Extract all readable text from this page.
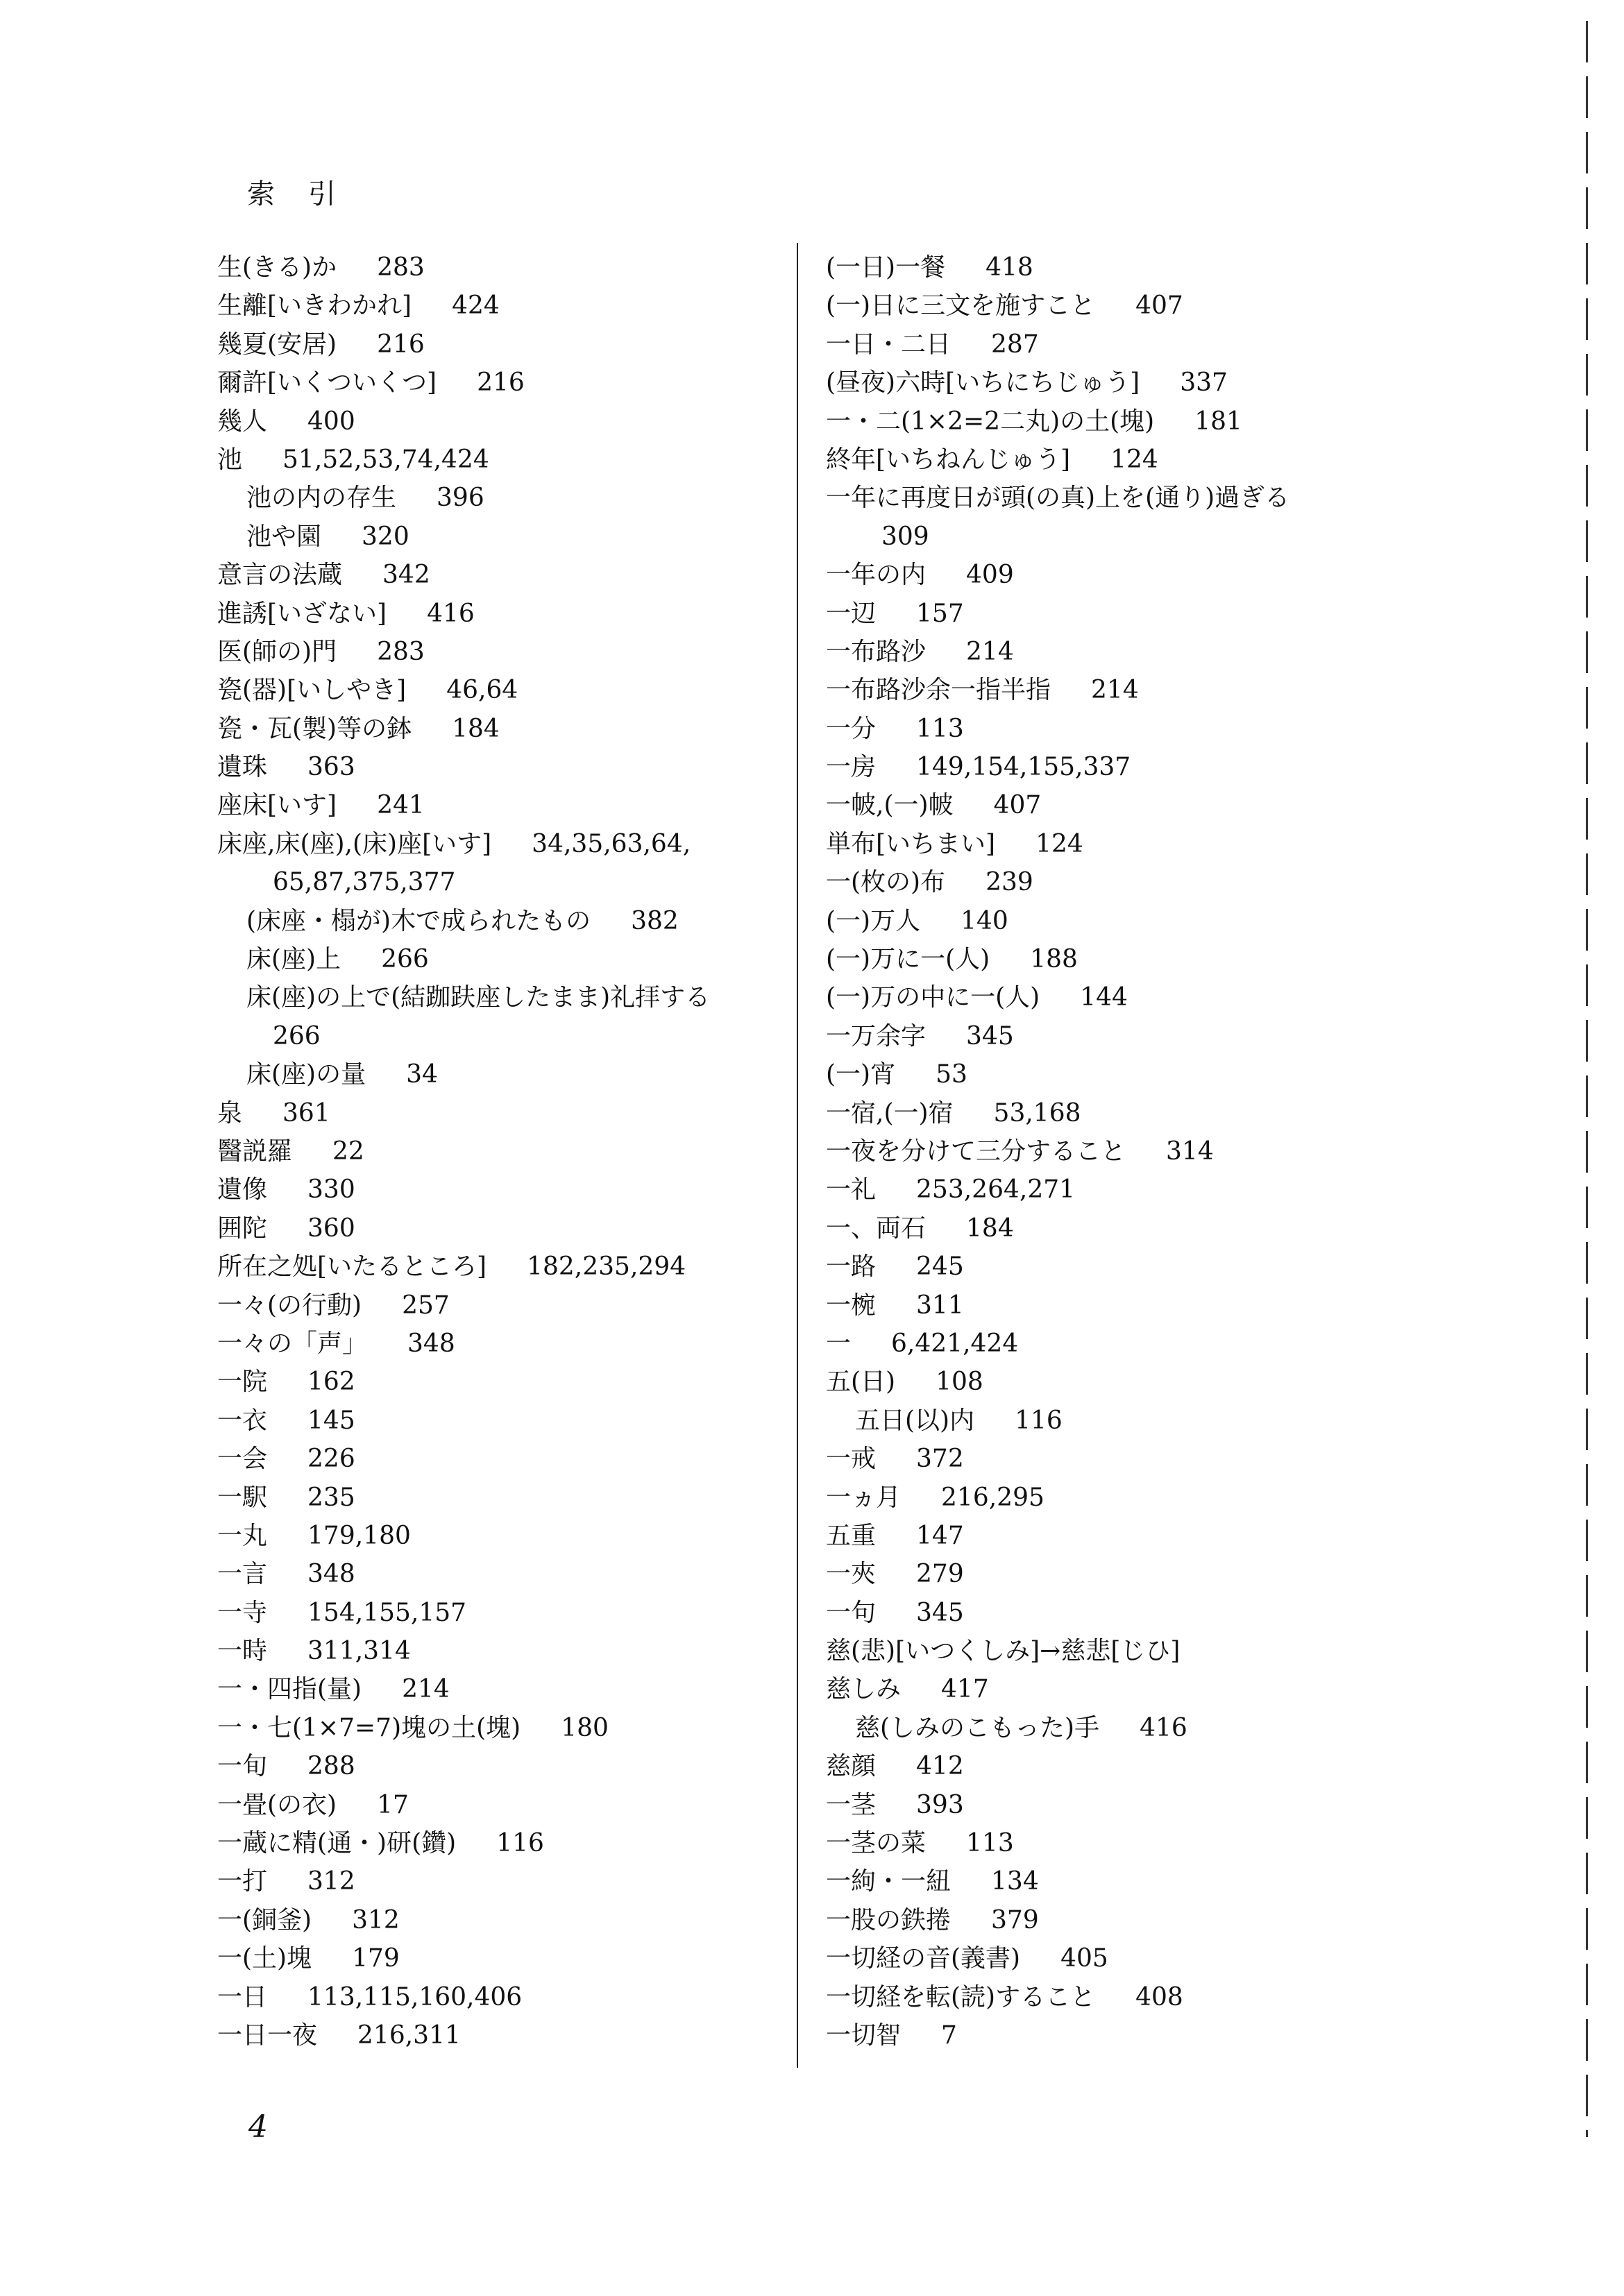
索引
生(きる)か 283
生離[いきわかれ] 424
幾夏(安居) 216
爾許[いくついくつ] 216
幾人 400
池 51,52,53,74,424
池の内の存生 396
池や園 320
意言の法蔵 342
進誘[いざない] 416
医(師の)門 283
瓷(器)[いしやき] 46,64
瓷・瓦(製)等の鉢 184
遺珠 363
座床[いす] 241
床座,床(座),(床)座[いす] 34,35,63,64,
65,87,375,377
(床座・榻が)木で成られたもの 382
床(座)上 266
床(座)の上で(結跏趺座したまま)礼拝する
266
床(座)の量 34
泉 361
醫説羅 22
遺像 330
囲陀 360
所在之処[いたるところ] 182,235,294
一々(の行動) 257
一々の「声」 348
一院 162
一衣 145
一会 226
一駅 235
一丸 179,180
一言 348
一寺 154,155,157
一時 311,314
一・四指(量) 214
一・七(1×7=7)塊の土(塊) 180
一旬 288
一畳(の衣) 17
一蔵に精(通・)研(鑽) 116
一打 312
一(銅釜) 312
一(土)塊 179
一日 113,115,160,406
一日一夜 216,311
(一日)一餐 418
(一)日に三文を施すこと 407
一日・二日 287
(昼夜)六時[いちにちじゅう] 337
一・二(1×2=2二丸)の土(塊) 181
終年[いちねんじゅう] 124
一年に再度日が頭(の真)上を(通り)過ぎる
309
一年の内 409
一辺 157
一布路沙 214
一布路沙余一指半指 214
一分 113
一房 149,154,155,337
一帔,(一)帔 407
単布[いちまい] 124
一(枚の)布 239
(一)万人 140
(一)万に一(人) 188
(一)万の中に一(人) 144
一万余字 345
(一)宵 53
一宿,(一)宿 53,168
一夜を分けて三分すること 314
一礼 253,264,271
一、両石 184
一路 245
一椀 311
一 6,421,424
五(日) 108
五日(以)内 116
一戒 372
一ヵ月 216,295
五重 147
一夾 279
一句 345
慈(悲)[いつくしみ]→慈悲[じひ]
慈しみ 417
慈(しみのこもった)手 416
慈顔 412
一茎 393
一茎の菜 113
一絇・一紐 134
一股の鉄捲 379
一切経の音(義書) 405
一切経を転(読)すること 408
一切智 7
4
